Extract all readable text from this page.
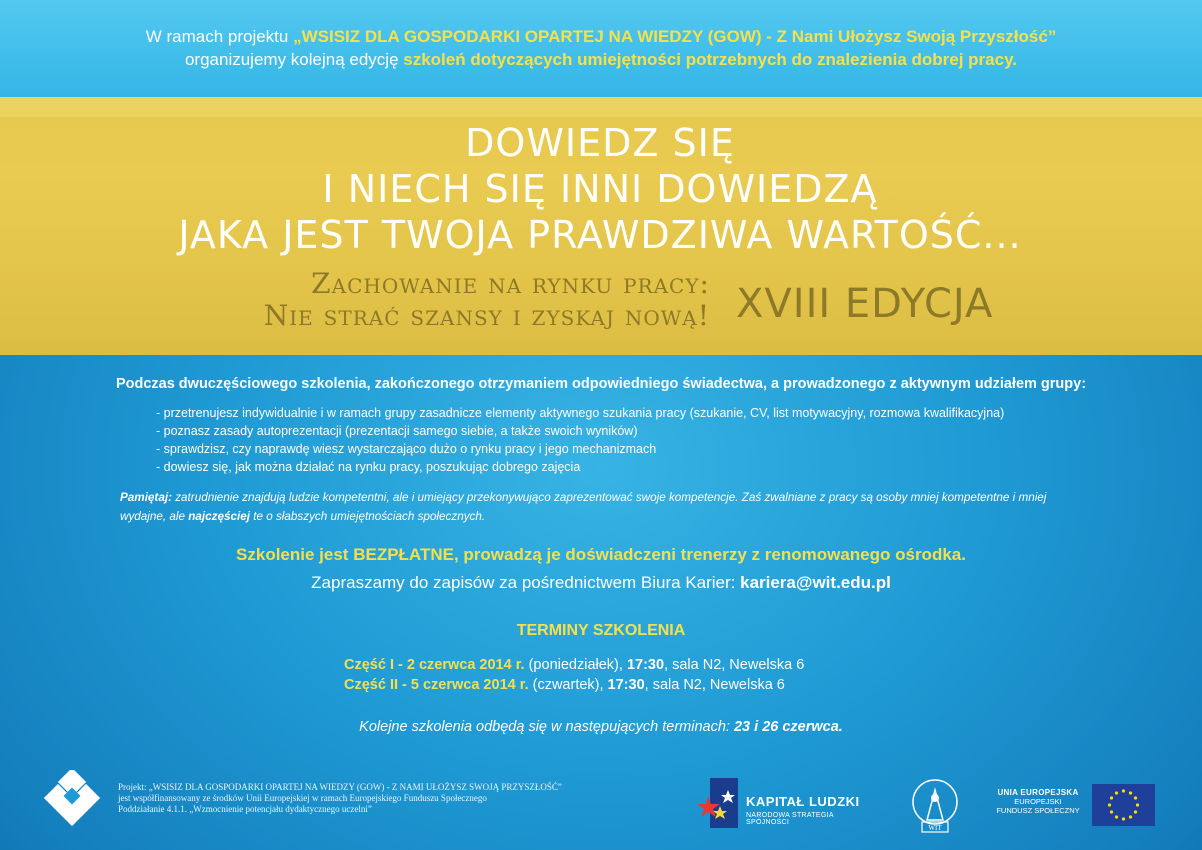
W ramach projektu „WSISIZ DLA GOSPODARKI OPARTEJ NA WIEDZY (GOW) - Z Nami Ułożysz Swoją Przyszłość”
organizujemy kolejną edycję szkoleń dotyczących umiejętności potrzebnych do znalezienia dobrej pracy.
DOWIEDZ SIĘ
I NIECH SIĘ INNI DOWIEDZĄ
JAKA JEST TWOJA PRAWDZIWA WARTOŚĆ...
Zachowanie na rynku pracy:
Nie strać szansy i zyskaj nową! XVIII EDYCJA
Podczas dwuczęściowego szkolenia, zakończonego otrzymaniem odpowiedniego świadectwa, a prowadzonego z aktywnym udziałem grupy:
- przetrenujesz indywidualnie i w ramach grupy zasadnicze elementy aktywnego szukania pracy (szukanie, CV, list motywacyjny, rozmowa kwalifikacyjna)
- poznasz zasady autoprezentacji (prezentacji samego siebie, a także swoich wyników)
- sprawdzisz, czy naprawdę wiesz wystarczająco dużo o rynku pracy i jego mechanizmach
- dowiesz się, jak można działać na rynku pracy, poszukując dobrego zajęcia
Pamiętaj: zatrudnienie znajdują ludzie kompetentni, ale i umiejący przekonywująco zaprezentować swoje kompetencje. Zaś zwalniane z pracy są osoby mniej kompetentne i mniej wydajne, ale najczęściej te o słabszych umiejętnościach społecznych.
Szkolenie jest BEZPŁATNE, prowadzą je doświadczeni trenerzy z renomowanego ośrodka.
Zapraszamy do zapisów za pośrednictwem Biura Karier: kariera@wit.edu.pl
TERMINY SZKOLENIA
Część I - 2 czerwca 2014 r. (poniedziałek), 17:30, sala N2, Newelska 6
Część II - 5 czerwca 2014 r. (czwartek), 17:30, sala N2, Newelska 6
Kolejne szkolenia odbędą się w następujących terminach: 23 i 26 czerwca.
Projekt: „WSISIZ DLA GOSPODARKI OPARTEJ NA WIEDZY (GOW) - Z NAMI UŁOŻYSZ SWOJĄ PRZYSZŁOŚĆ”
jest współfinansowany ze środków Unii Europejskiej w ramach Europejskiego Funduszu Społecznego
Poddziałanie 4.1.1. „Wzmocnienie potencjału dydaktycznego uczelni”	KAPITAŁ LUDZKI
NARODOWA STRATEGIA SPÓJNOŚCI
WIT
UNIA EUROPEJSKA
EUROPEJSKI
FUNDUSZ SPOŁECZNY
